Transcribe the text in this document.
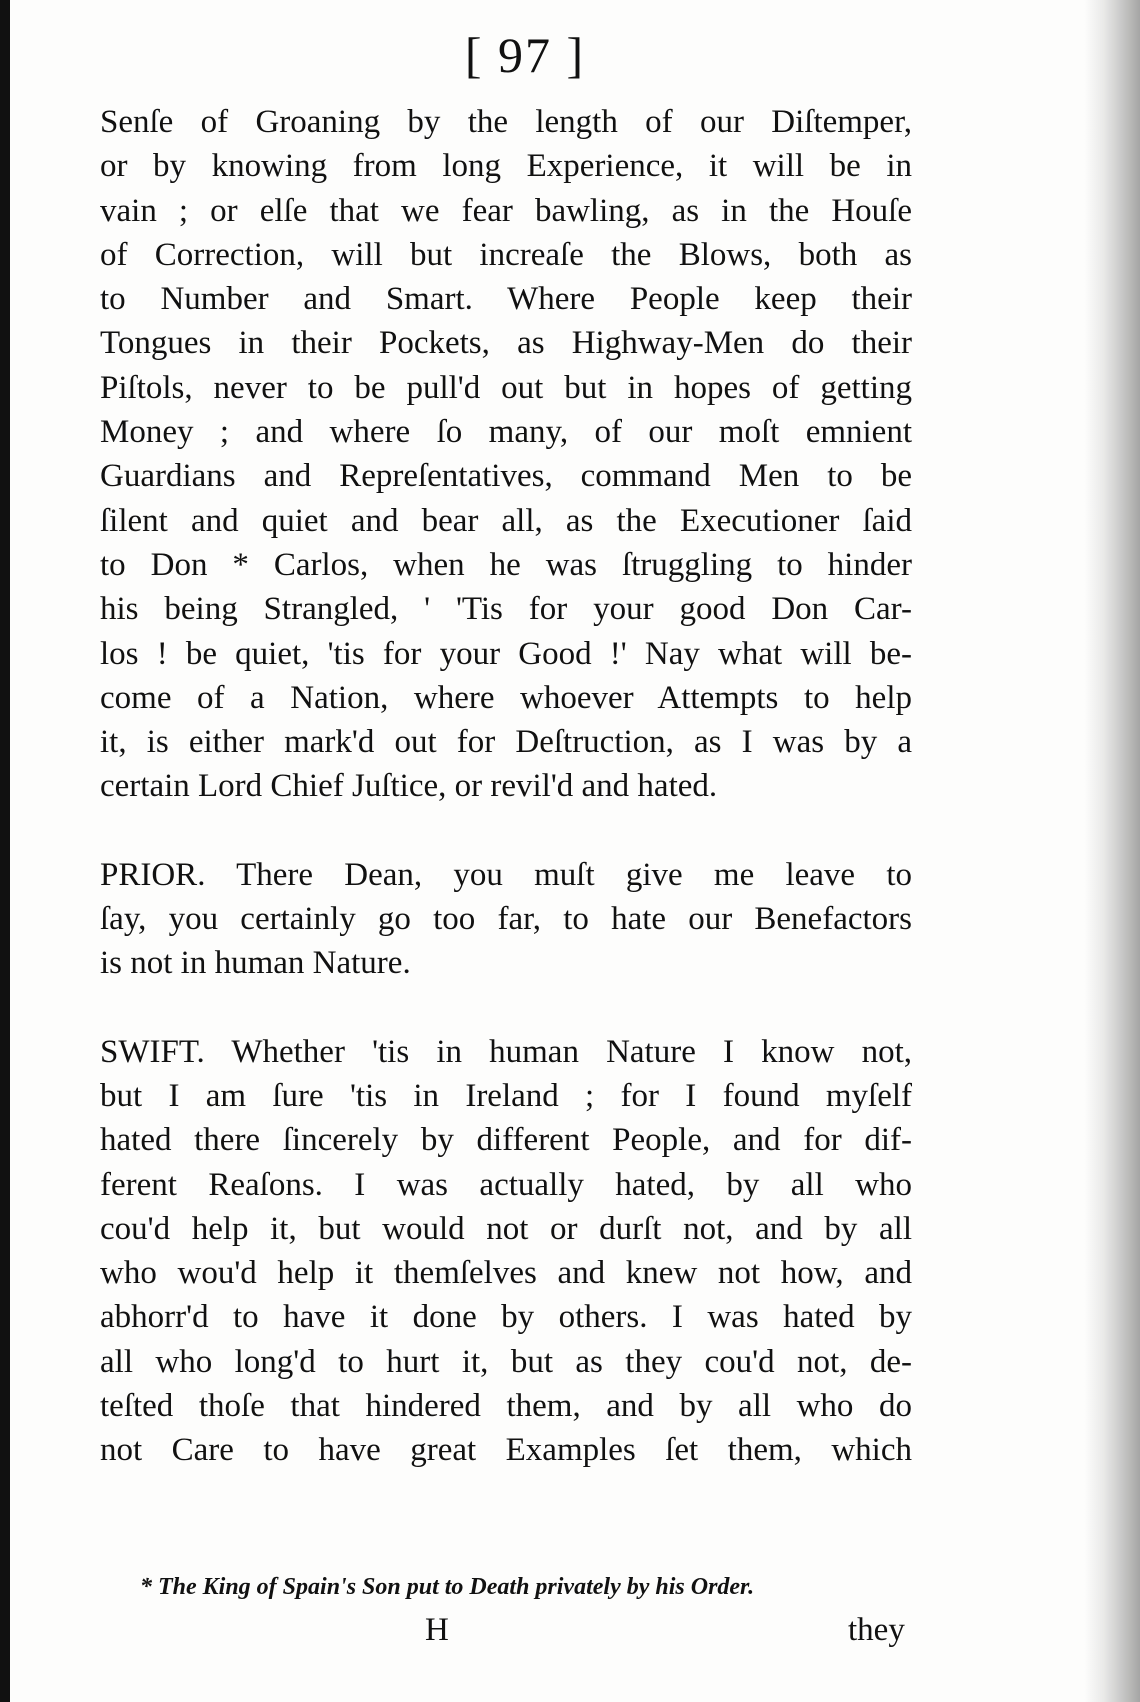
[ 97 ]
Senſe of Groaning by the length of our Diſtemper,
or by knowing from long Experience, it will be in
vain ; or elſe that we fear bawling, as in the Houſe
of Correction, will but increaſe the Blows, both as
to Number and Smart. Where People keep their
Tongues in their Pockets, as Highway-Men do their
Piſtols, never to be pull'd out but in hopes of getting
Money ; and where ſo many, of our moſt emnient
Guardians and Repreſentatives, command Men to be
ſilent and quiet and bear all, as the Executioner ſaid
to Don * Carlos, when he was ſtruggling to hinder
his being Strangled, ' 'Tis for your good Don Car-
los ! be quiet, 'tis for your Good !' Nay what will be-
come of a Nation, where whoever Attempts to help
it, is either mark'd out for Deſtruction, as I was by a
certain Lord Chief Juſtice, or revil'd and hated.
PRIOR. There Dean, you muſt give me leave to
ſay, you certainly go too far, to hate our Benefactors
is not in human Nature.
SWIFT. Whether 'tis in human Nature I know not,
but I am ſure 'tis in Ireland ; for I found myſelf
hated there ſincerely by different People, and for dif-
ferent Reaſons. I was actually hated, by all who
cou'd help it, but would not or durſt not, and by all
who wou'd help it themſelves and knew not how, and
abhorr'd to have it done by others. I was hated by
all who long'd to hurt it, but as they cou'd not, de-
teſted thoſe that hindered them, and by all who do
not Care to have great Examples ſet them, which
* The King of Spain's Son put to Death privately by his Order.
H	they
